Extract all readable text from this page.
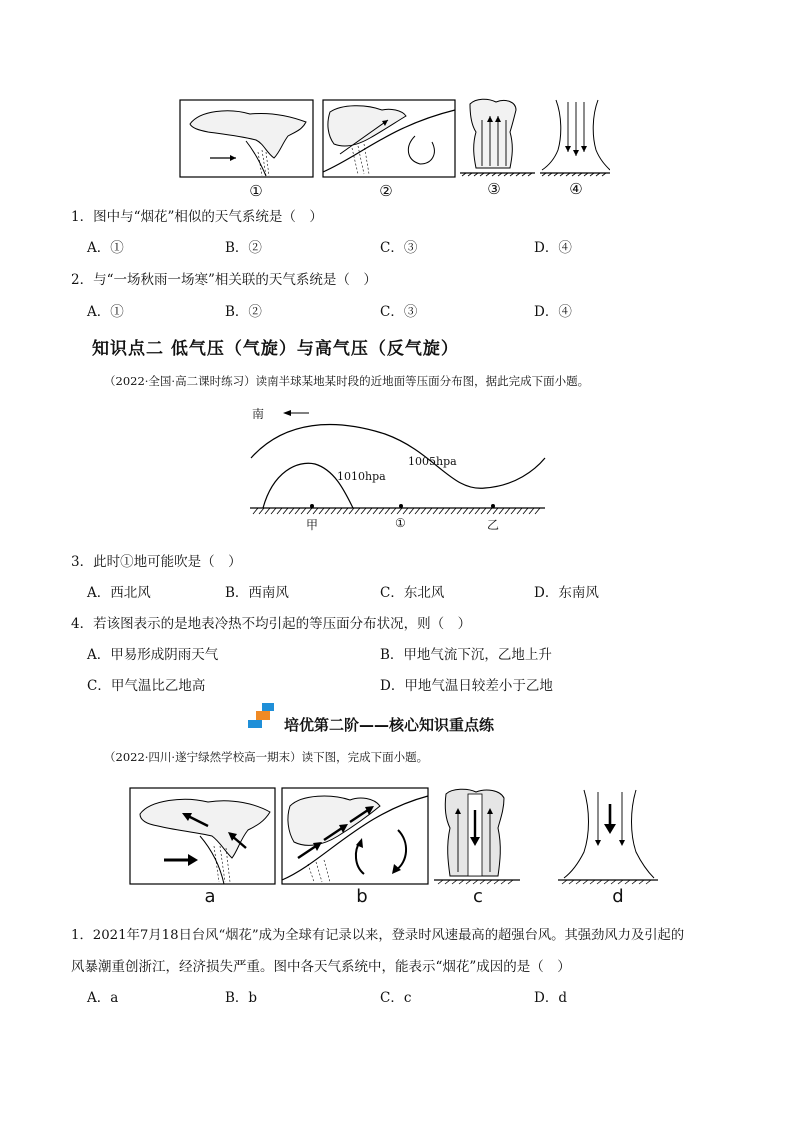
①	②	③	④
1．图中与“烟花”相似的天气系统是（　）
A．①	B．②	C．③	D．④
2．与“一场秋雨一场寒”相关联的天气系统是（　）
A．①	B．②	C．③	D．④
知识点二 低气压（气旋）与高气压（反气旋）
（2022·全国·高二课时练习）读南半球某地某时段的近地面等压面分布图，据此完成下面小题。
南
1010hpa
1005hpa
甲	①	乙
3．此时①地可能吹是（　）
A．西北风	B．西南风	C．东北风	D．东南风
4．若该图表示的是地表冷热不均引起的等压面分布状况，则（　）
A．甲易形成阴雨天气	B．甲地气流下沉，乙地上升
C．甲气温比乙地高	D．甲地气温日较差小于乙地
培优第二阶——核心知识重点练
（2022·四川·遂宁绿然学校高一期末）读下图，完成下面小题。
a	b	c	d
1．2021年7月18日台风“烟花”成为全球有记录以来，登录时风速最高的超强台风。其强劲风力及引起的
风暴潮重创浙江，经济损失严重。图中各天气系统中，能表示“烟花”成因的是（　）
A．a	B．b	C．c	D．d
